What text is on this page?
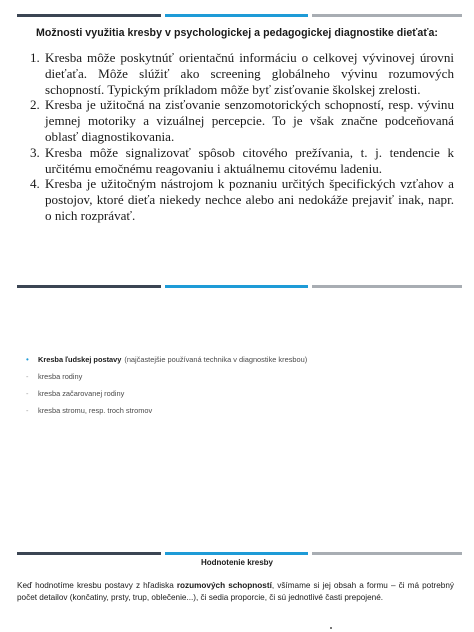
Možnosti využitia kresby v psychologickej a pedagogickej diagnostike dieťaťa:
1. Kresba môže poskytnúť orientačnú informáciu o celkovej vývinovej úrovni dieťaťa. Môže slúžiť ako screening globálneho vývinu rozumových schopností. Typickým príkladom môže byť zisťovanie školskej zrelosti.
2. Kresba je užitočná na zisťovanie senzomotorických schopností, resp. vývinu jemnej motoriky a vizuálnej percepcie. To je však značne podceňovaná oblasť diagnostikovania.
3. Kresba môže signalizovať spôsob citového prežívania, t. j. tendencie k určitému emočnému reagovaniu i aktuálnemu citovému ladeniu.
4. Kresba je užitočným nástrojom k poznaniu určitých špecifických vzťahov a postojov, ktoré dieťa niekedy nechce alebo ani nedokáže prejaviť inak, napr. o nich rozprávať.
•	Kresba ľudskej postavy (najčastejšie používaná technika v diagnostike kresbou)
-	kresba rodiny
-	kresba začarovanej rodiny
-	kresba stromu, resp. troch stromov
Hodnotenie kresby

Keď hodnotíme kresbu postavy z hľadiska rozumových schopností, všímame si jej obsah a formu – či má potrebný počet detailov (končatiny, prsty, trup, oblečenie...), či sedia proporcie, či sú jednotlivé časti prepojené.
